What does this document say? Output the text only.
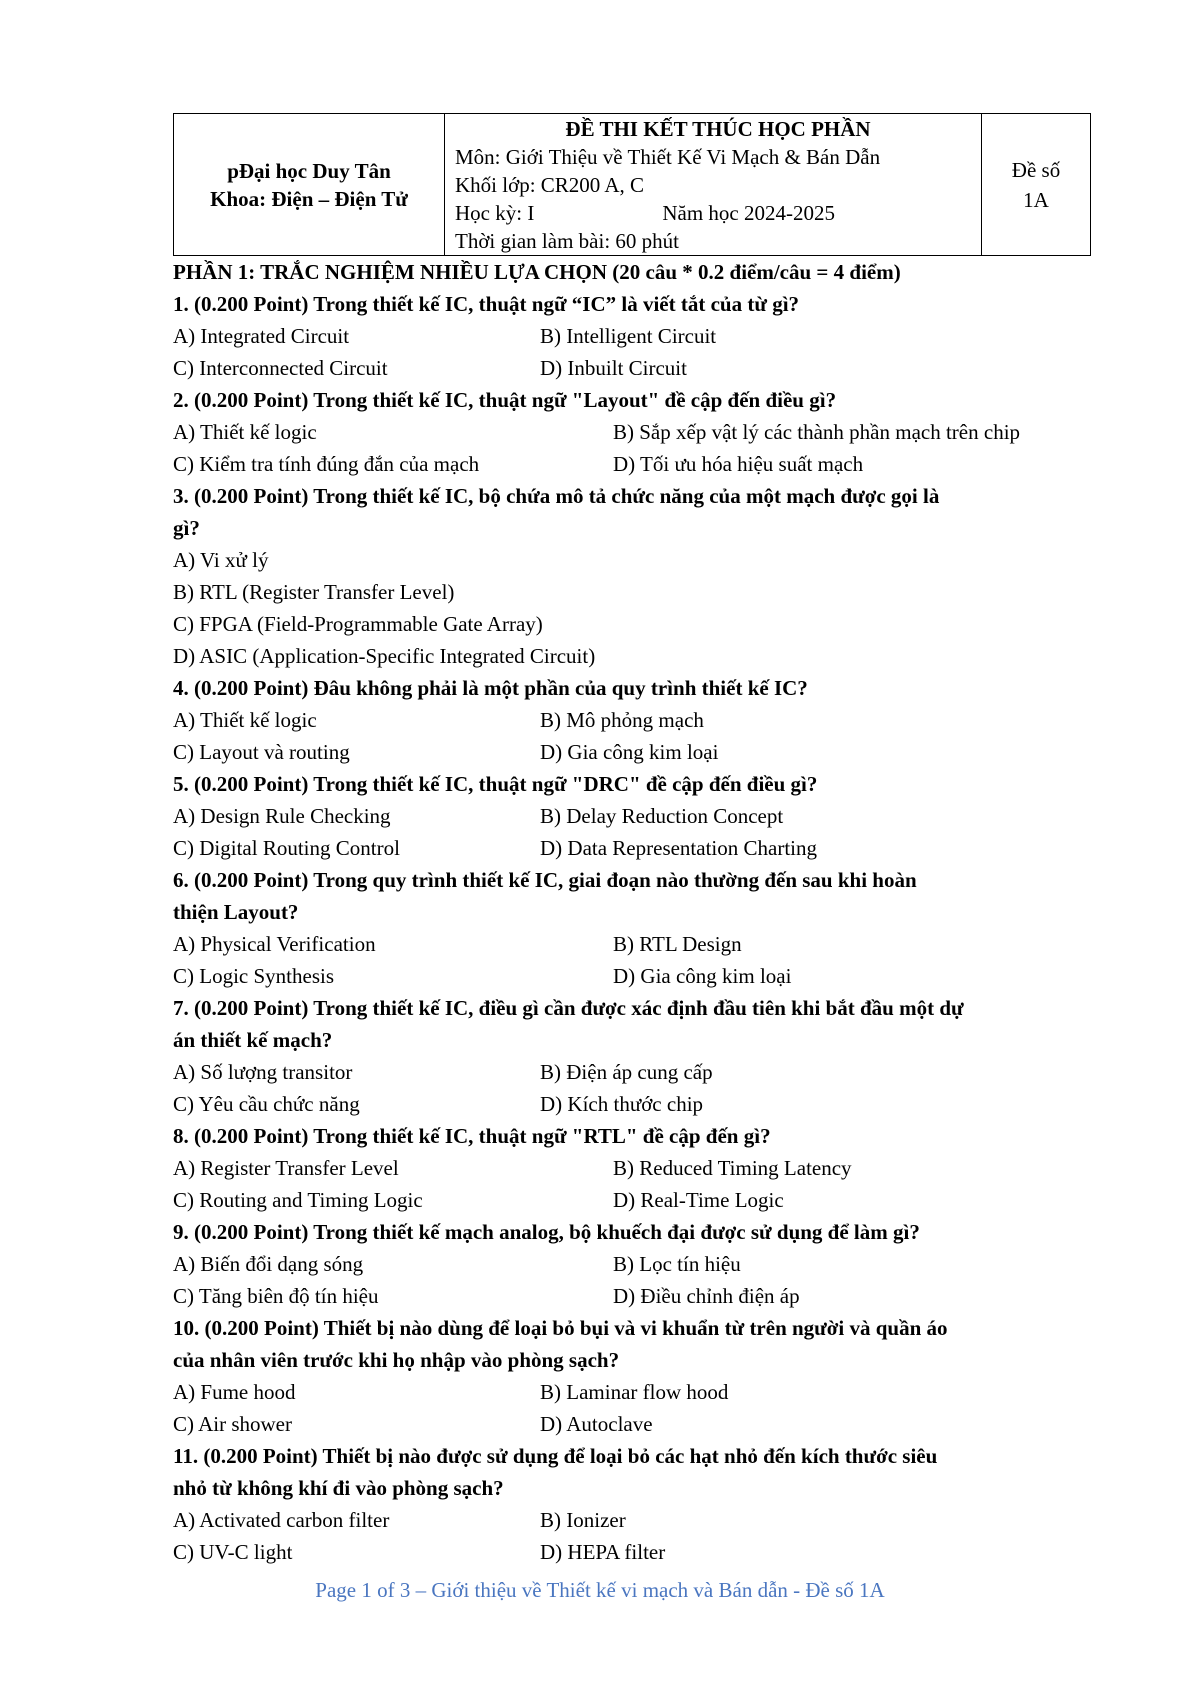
pĐại học Duy Tân
Khoa: Điện – Điện Tử

ĐỀ THI KẾT THÚC HỌC PHẦN
Môn: Giới Thiệu về Thiết Kế Vi Mạch & Bán Dẫn
Khối lớp: CR200 A, C
Học kỳ: I	Năm học 2024-2025
Thời gian làm bài: 60 phút

Đề số
1A
PHẦN 1: TRẮC NGHIỆM NHIỀU LỰA CHỌN (20 câu * 0.2 điểm/câu = 4 điểm)
1. (0.200 Point) Trong thiết kế IC, thuật ngữ “IC” là viết tắt của từ gì?
A) Integrated Circuit	B) Intelligent Circuit
C) Interconnected Circuit	D) Inbuilt Circuit
2. (0.200 Point) Trong thiết kế IC, thuật ngữ "Layout" đề cập đến điều gì?
A) Thiết kế logic	B) Sắp xếp vật lý các thành phần mạch trên chip
C) Kiểm tra tính đúng đắn của mạch	D) Tối ưu hóa hiệu suất mạch
3. (0.200 Point) Trong thiết kế IC, bộ chứa mô tả chức năng của một mạch được gọi là
gì?
A) Vi xử lý
B) RTL (Register Transfer Level)
C) FPGA (Field-Programmable Gate Array)
D) ASIC (Application-Specific Integrated Circuit)
4. (0.200 Point) Đâu không phải là một phần của quy trình thiết kế IC?
A) Thiết kế logic	B) Mô phỏng mạch
C) Layout và routing	D) Gia công kim loại
5. (0.200 Point) Trong thiết kế IC, thuật ngữ "DRC" đề cập đến điều gì?
A) Design Rule Checking	B) Delay Reduction Concept
C) Digital Routing Control	D) Data Representation Charting
6. (0.200 Point) Trong quy trình thiết kế IC, giai đoạn nào thường đến sau khi hoàn
thiện Layout?
A) Physical Verification	B) RTL Design
C) Logic Synthesis	D) Gia công kim loại
7. (0.200 Point) Trong thiết kế IC, điều gì cần được xác định đầu tiên khi bắt đầu một dự
án thiết kế mạch?
A) Số lượng transitor	B) Điện áp cung cấp
C) Yêu cầu chức năng	D) Kích thước chip
8. (0.200 Point) Trong thiết kế IC, thuật ngữ "RTL" đề cập đến gì?
A) Register Transfer Level	B) Reduced Timing Latency
C) Routing and Timing Logic	D) Real-Time Logic
9. (0.200 Point) Trong thiết kế mạch analog, bộ khuếch đại được sử dụng để làm gì?
A) Biến đổi dạng sóng	B) Lọc tín hiệu
C) Tăng biên độ tín hiệu	D) Điều chỉnh điện áp
10. (0.200 Point) Thiết bị nào dùng để loại bỏ bụi và vi khuẩn từ trên người và quần áo
của nhân viên trước khi họ nhập vào phòng sạch?
A) Fume hood	B) Laminar flow hood
C) Air shower	D) Autoclave
11. (0.200 Point) Thiết bị nào được sử dụng để loại bỏ các hạt nhỏ đến kích thước siêu
nhỏ từ không khí đi vào phòng sạch?
A) Activated carbon filter	B) Ionizer
C) UV-C light	D) HEPA filter
Page 1 of 3 – Giới thiệu về Thiết kế vi mạch và Bán dẫn - Đề số 1A
